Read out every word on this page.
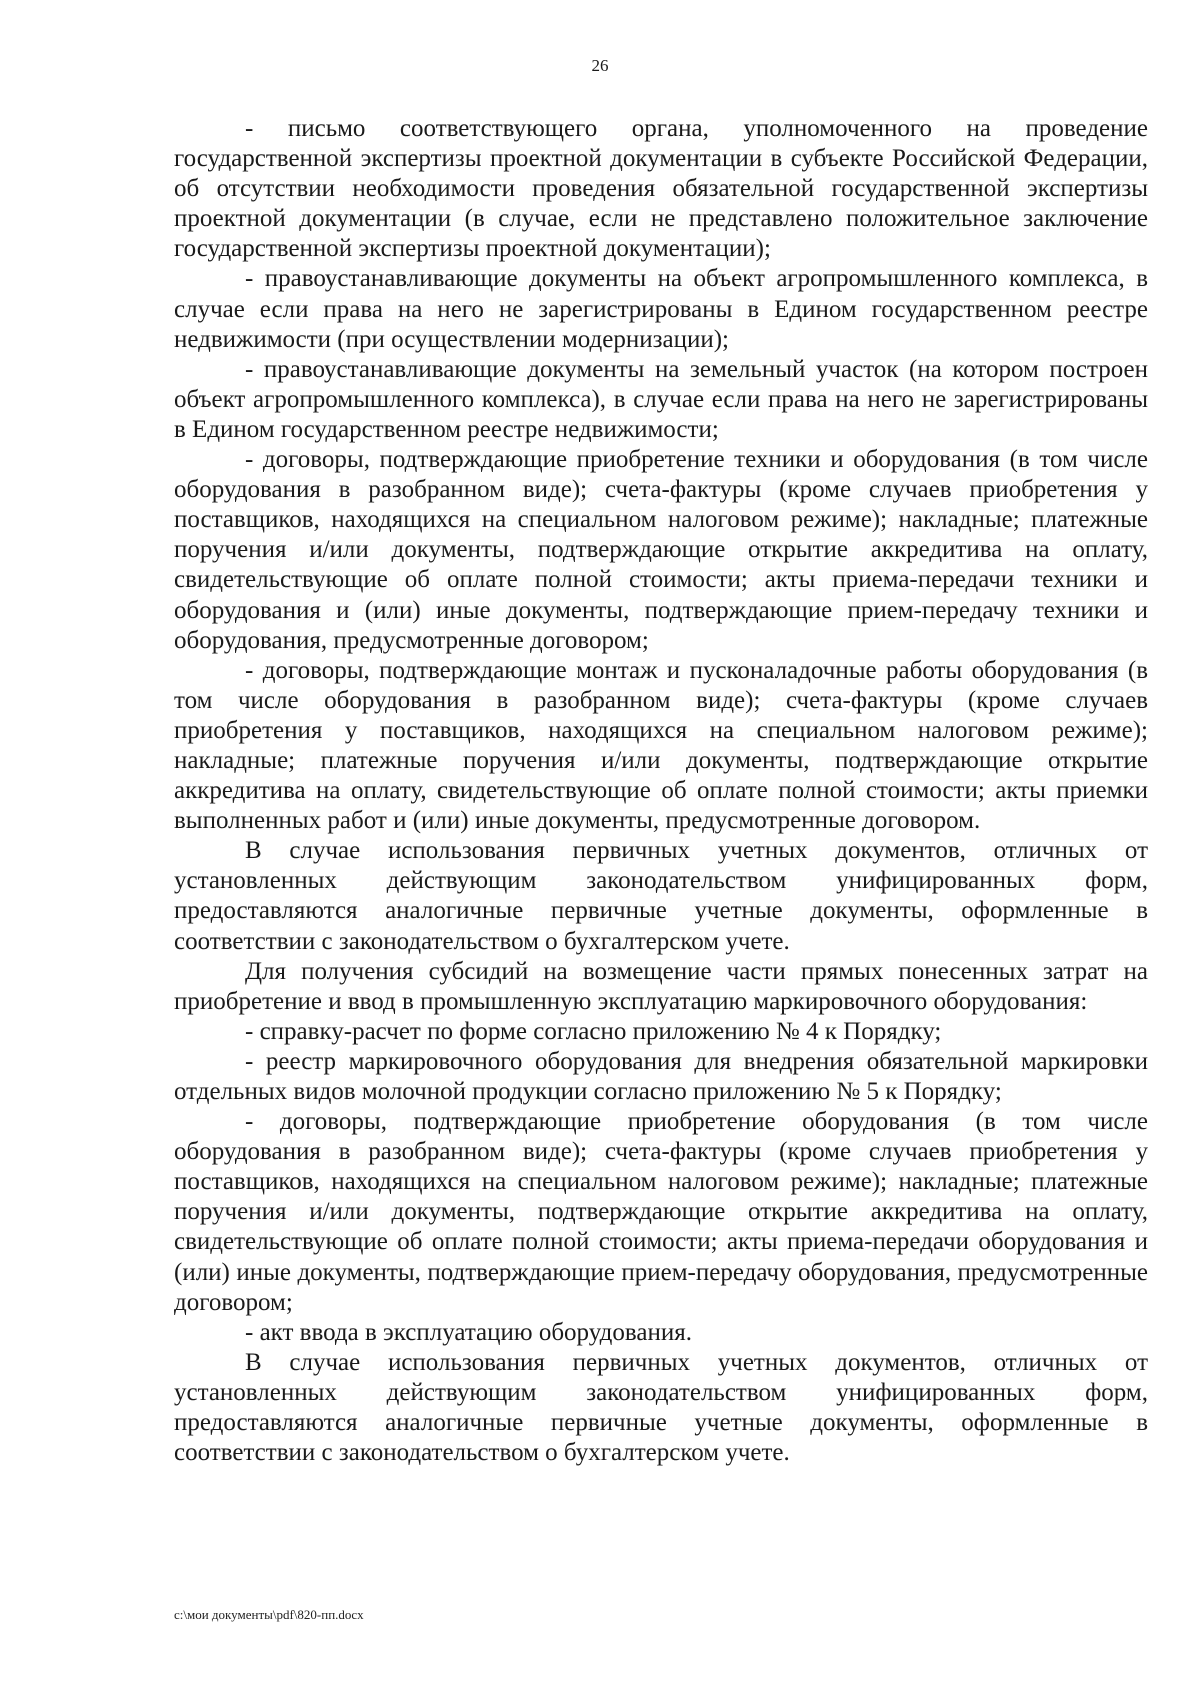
26

- письмо соответствующего органа, уполномоченного на проведение государственной экспертизы проектной документации в субъекте Российской Федерации, об отсутствии необходимости проведения обязательной государственной экспертизы проектной документации (в случае, если не представлено положительное заключение государственной экспертизы проектной документации);

- правоустанавливающие документы на объект агропромышленного комплекса, в случае если права на него не зарегистрированы в Едином государственном реестре недвижимости (при осуществлении модернизации);

- правоустанавливающие документы на земельный участок (на котором построен объект агропромышленного комплекса), в случае если права на него не зарегистрированы в Едином государственном реестре недвижимости;

- договоры, подтверждающие приобретение техники и оборудования (в том числе оборудования в разобранном виде); счета-фактуры (кроме случаев приобретения у поставщиков, находящихся на специальном налоговом режиме); накладные; платежные поручения и/или документы, подтверждающие открытие аккредитива на оплату, свидетельствующие об оплате полной стоимости; акты приема-передачи техники и оборудования и (или) иные документы, подтверждающие прием-передачу техники и оборудования, предусмотренные договором;

- договоры, подтверждающие монтаж и пусконаладочные работы оборудования (в том числе оборудования в разобранном виде); счета-фактуры (кроме случаев приобретения у поставщиков, находящихся на специальном налоговом режиме); накладные; платежные поручения и/или документы, подтверждающие открытие аккредитива на оплату, свидетельствующие об оплате полной стоимости; акты приемки выполненных работ и (или) иные документы, предусмотренные договором.

В случае использования первичных учетных документов, отличных от установленных действующим законодательством унифицированных форм, предоставляются аналогичные первичные учетные документы, оформленные в соответствии с законодательством о бухгалтерском учете.

Для получения субсидий на возмещение части прямых понесенных затрат на приобретение и ввод в промышленную эксплуатацию маркировочного оборудования:

- справку-расчет по форме согласно приложению № 4 к Порядку;

- реестр маркировочного оборудования для внедрения обязательной маркировки отдельных видов молочной продукции согласно приложению № 5 к Порядку;

- договоры, подтверждающие приобретение оборудования (в том числе оборудования в разобранном виде); счета-фактуры (кроме случаев приобретения у поставщиков, находящихся на специальном налоговом режиме); накладные; платежные поручения и/или документы, подтверждающие открытие аккредитива на оплату, свидетельствующие об оплате полной стоимости; акты приема-передачи оборудования и (или) иные документы, подтверждающие прием-передачу оборудования, предусмотренные договором;

- акт ввода в эксплуатацию оборудования.

В случае использования первичных учетных документов, отличных от установленных действующим законодательством унифицированных форм, предоставляются аналогичные первичные учетные документы, оформленные в соответствии с законодательством о бухгалтерском учете.

c:\мои документы\pdf\820-пп.docx
